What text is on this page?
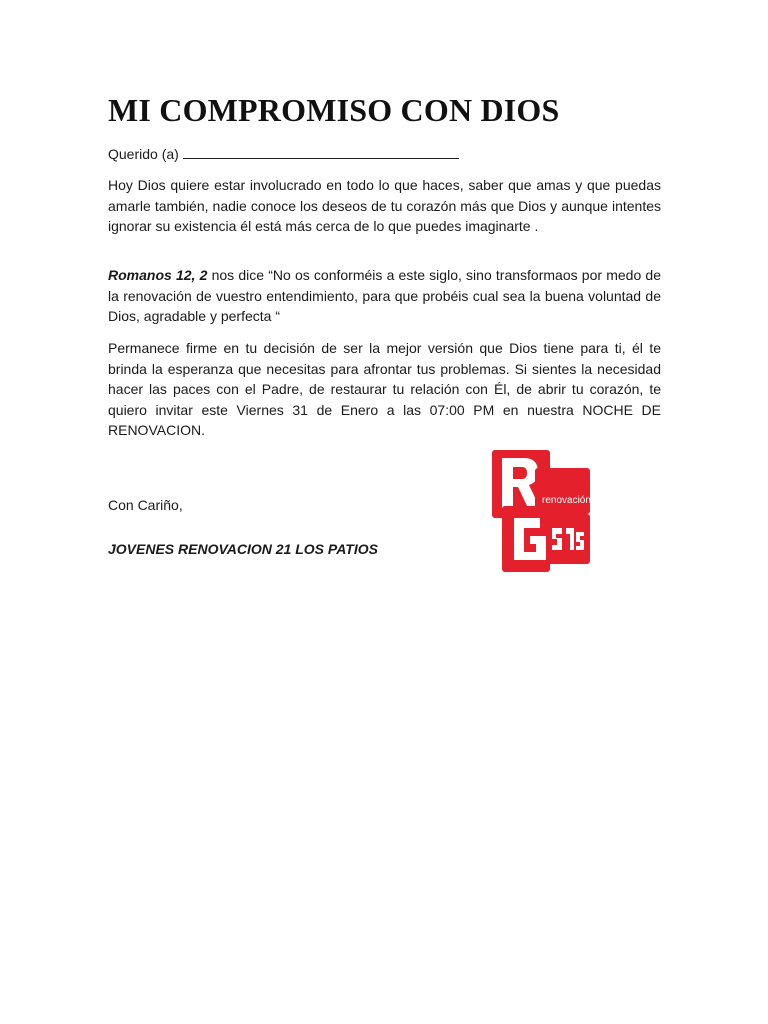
MI COMPROMISO CON DIOS

Querido (a)

Hoy Dios quiere estar involucrado en todo lo que haces, saber que amas y que puedas amarle también, nadie conoce los deseos de tu corazón más que Dios y aunque intentes ignorar su existencia él está más cerca de lo que puedes imaginarte .

Romanos 12, 2 nos dice “No os conforméis a este siglo, sino transformaos por medo de la renovación de vuestro entendimiento, para que probéis cual sea la buena voluntad de Dios, agradable y perfecta “

Permanece firme en tu decisión de ser la mejor versión que Dios tiene para ti, él te brinda la esperanza que necesitas para afrontar tus problemas. Si sientes la necesidad hacer las paces con el Padre, de restaurar tu relación con Él, de abrir tu corazón, te quiero invitar este Viernes 31 de Enero a las 07:00 PM en nuestra NOCHE DE RENOVACION.

Con Cariño,

JOVENES RENOVACION 21 LOS PATIOS

renovación
